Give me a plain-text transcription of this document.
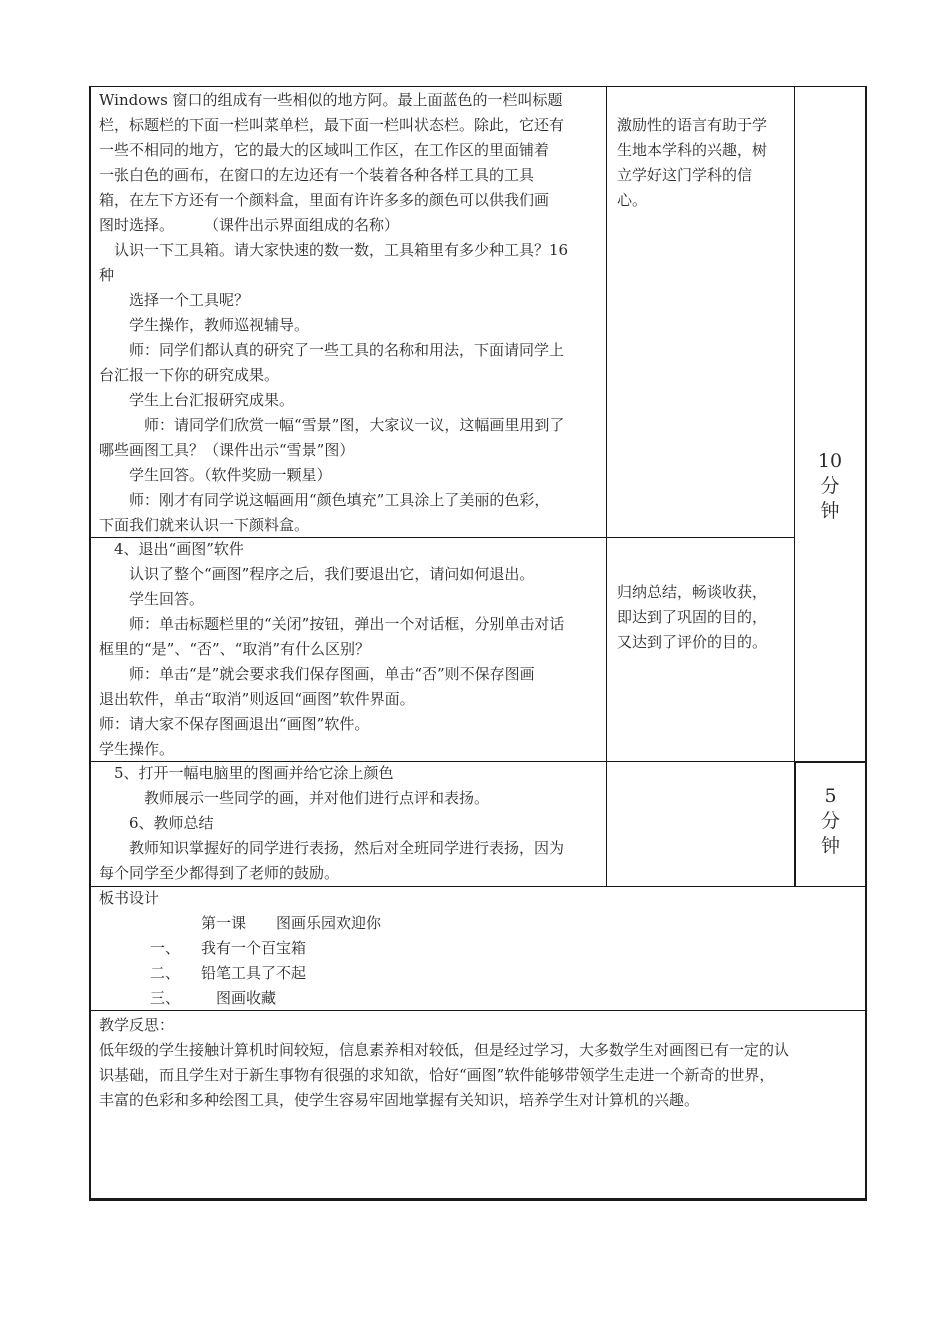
Windows 窗口的组成有一些相似的地方阿。最上面蓝色的一栏叫标题
栏，标题栏的下面一栏叫菜单栏，最下面一栏叫状态栏。除此，它还有
一些不相同的地方，它的最大的区域叫工作区，在工作区的里面铺着
一张白色的画布，在窗口的左边还有一个装着各种各样工具的工具
箱，在左下方还有一个颜料盒，里面有许许多多的颜色可以供我们画
图时选择。　　　（课件出示界面组成的名称）
　认识一下工具箱。请大家快速的数一数，工具箱里有多少种工具？16
种
　　选择一个工具呢？
　　学生操作，教师巡视辅导。
　　师：同学们都认真的研究了一些工具的名称和用法，下面请同学上
台汇报一下你的研究成果。
　　学生上台汇报研究成果。
　　　师：请同学们欣赏一幅“雪景”图，大家议一议，这幅画里用到了
哪些画图工具？（课件出示“雪景”图）
　　学生回答。（软件奖励一颗星）
　　师：刚才有同学说这幅画用“颜色填充”工具涂上了美丽的色彩，
下面我们就来认识一下颜料盒。
激励性的语言有助于学
生地本学科的兴趣，树
立学好这门学科的信
心。
10
分
钟
　4、退出“画图”软件
　　认识了整个“画图”程序之后，我们要退出它，请问如何退出。
　　学生回答。
　　师：单击标题栏里的“关闭”按钮，弹出一个对话框，分别单击对话
框里的“是”、“否”、“取消”有什么区别？
　　师：单击“是”就会要求我们保存图画，单击“否”则不保存图画
退出软件，单击“取消”则返回“画图”软件界面。
师：请大家不保存图画退出“画图”软件。
学生操作。
归纳总结，畅谈收获，
即达到了巩固的目的，
又达到了评价的目的。
　5、打开一幅电脑里的图画并给它涂上颜色
　　　教师展示一些同学的画，并对他们进行点评和表扬。
　　6、教师总结
　　教师知识掌握好的同学进行表扬，然后对全班同学进行表扬，因为
每个同学至少都得到了老师的鼓励。
5
分
钟
板书设计
第一课　　图画乐园欢迎你
一、 我有一个百宝箱
二、 铅笔工具了不起
三、 　图画收藏
教学反思：
低年级的学生接触计算机时间较短，信息素养相对较低，但是经过学习，大多数学生对画图已有一定的认
识基础，而且学生对于新生事物有很强的求知欲，恰好“画图”软件能够带领学生走进一个新奇的世界，
丰富的色彩和多种绘图工具，使学生容易牢固地掌握有关知识，培养学生对计算机的兴趣。
